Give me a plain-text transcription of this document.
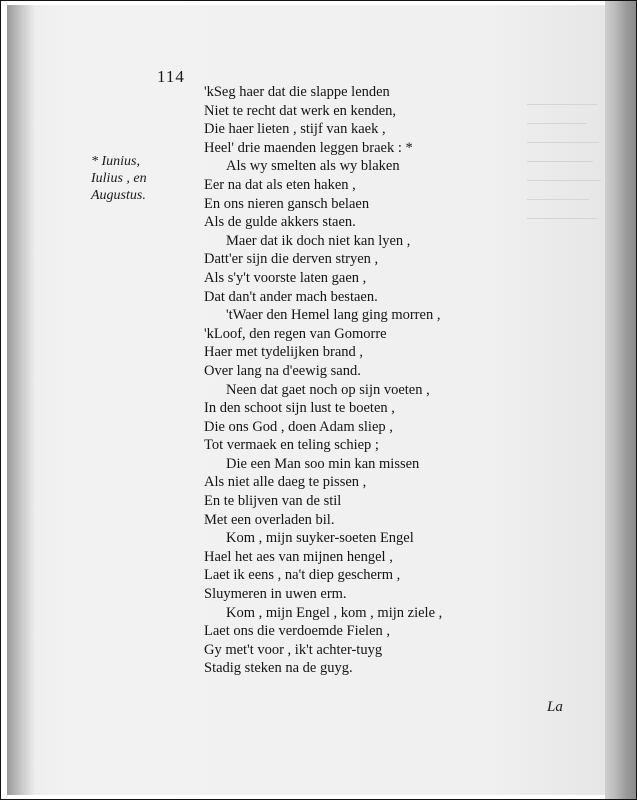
114
* Iunius,
Iulius , en
Augustus.
'kSeg haer dat die slappe lenden
Niet te recht dat werk en kenden,
Die haer lieten , stijf van kaek ,
Heel' drie maenden leggen braek : *
Als wy smelten als wy blaken
Eer na dat als eten haken ,
En ons nieren gansch belaen
Als de gulde akkers staen.
Maer dat ik doch niet kan lyen ,
Datt'er sijn die derven stryen ,
Als s'y't voorste laten gaen ,
Dat dan't ander mach bestaen.
'tWaer den Hemel lang ging morren ,
'kLoof, den regen van Gomorre
Haer met tydelijken brand ,
Over lang na d'eewig sand.
Neen dat gaet noch op sijn voeten ,
In den schoot sijn lust te boeten ,
Die ons God , doen Adam sliep ,
Tot vermaek en teling schiep ;
Die een Man soo min kan missen
Als niet alle daeg te pissen ,
En te blijven van de stil
Met een overladen bil.
Kom , mijn suyker-soeten Engel
Hael het aes van mijnen hengel ,
Laet ik eens , na't diep gescherm ,
Sluymeren in uwen erm.
Kom , mijn Engel , kom , mijn ziele ,
Laet ons die verdoemde Fielen ,
Gy met't voor , ik't achter-tuyg
Stadig steken na de guyg.
La
